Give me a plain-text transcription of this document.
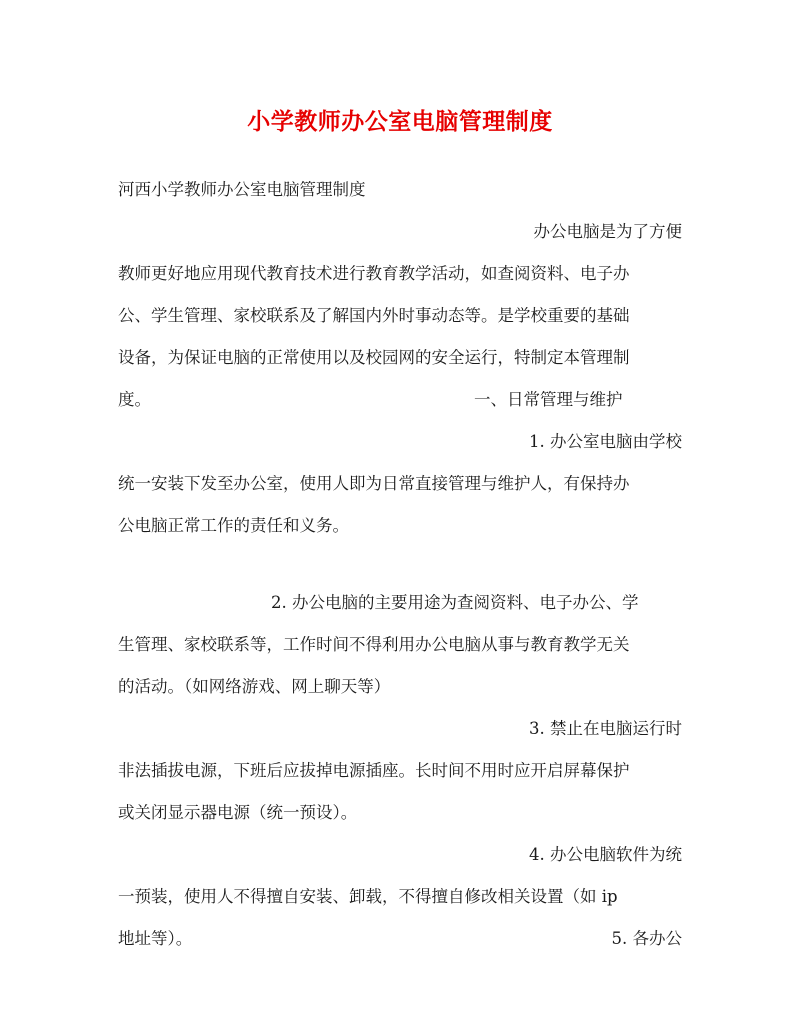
小学教师办公室电脑管理制度
河西小学教师办公室电脑管理制度
办公电脑是为了方便
教师更好地应用现代教育技术进行教育教学活动，如查阅资料、电子办
公、学生管理、家校联系及了解国内外时事动态等。是学校重要的基础
设备，为保证电脑的正常使用以及校园网的安全运行，特制定本管理制
度。	一、日常管理与维护
1. 办公室电脑由学校
统一安装下发至办公室，使用人即为日常直接管理与维护人，有保持办
公电脑正常工作的责任和义务。
2. 办公电脑的主要用途为查阅资料、电子办公、学
生管理、家校联系等，工作时间不得利用办公电脑从事与教育教学无关
的活动。（如网络游戏、网上聊天等）
3. 禁止在电脑运行时
非法插拔电源，下班后应拔掉电源插座。长时间不用时应开启屏幕保护
或关闭显示器电源（统一预设）。
4. 办公电脑软件为统
一预装，使用人不得擅自安装、卸载，不得擅自修改相关设置（如 ip
地址等）。	5. 各办公
